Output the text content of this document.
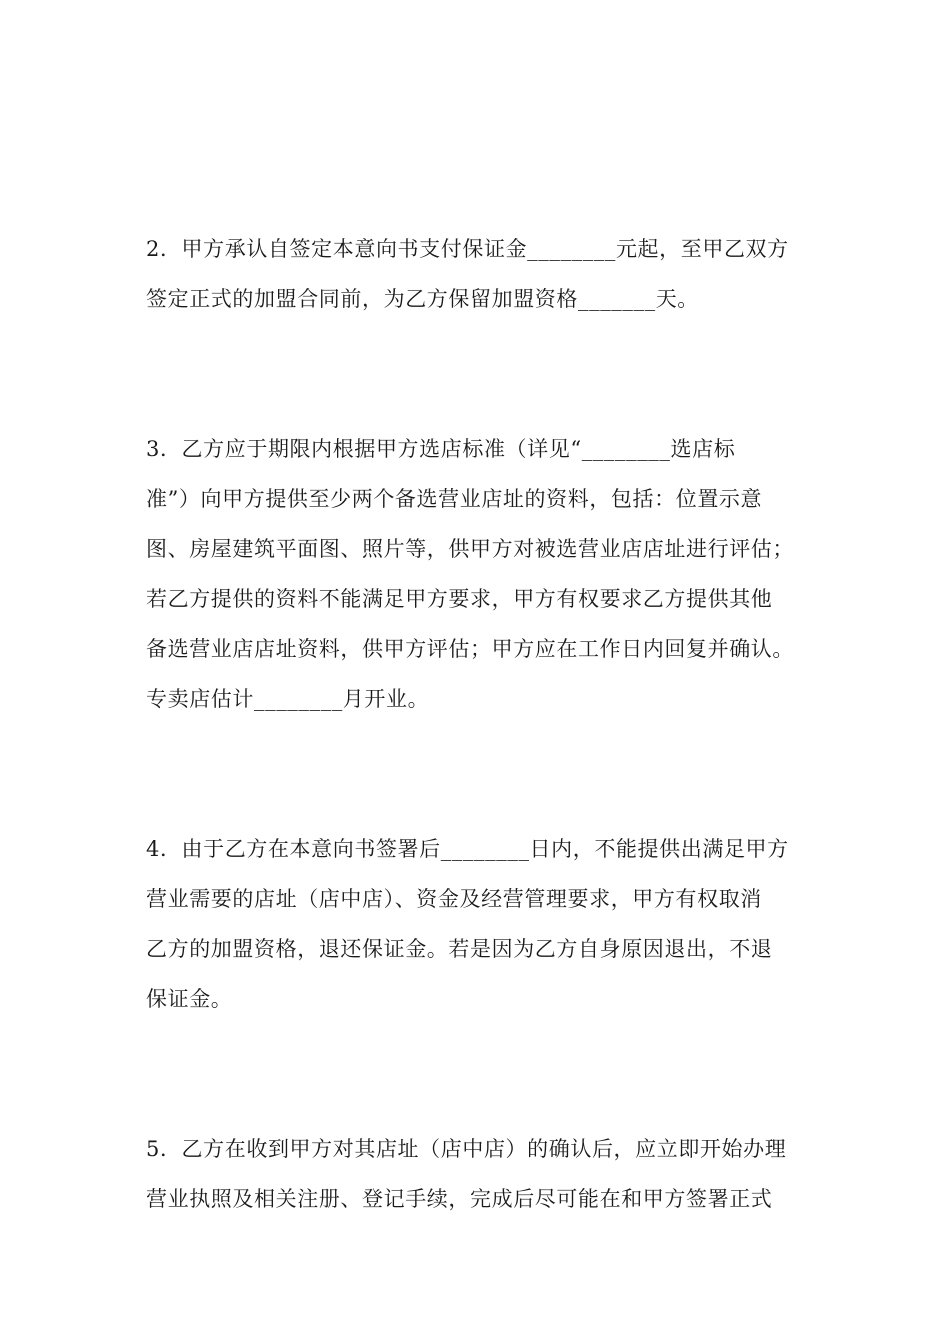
2．甲方承认自签定本意向书支付保证金________元起，至甲乙双方
签定正式的加盟合同前，为乙方保留加盟资格_______天。
3．乙方应于期限内根据甲方选店标准（详见“________选店标
准”）向甲方提供至少两个备选营业店址的资料，包括：位置示意
图、房屋建筑平面图、照片等，供甲方对被选营业店店址进行评估；
若乙方提供的资料不能满足甲方要求，甲方有权要求乙方提供其他
备选营业店店址资料，供甲方评估；甲方应在工作日内回复并确认。
专卖店估计________月开业。
4．由于乙方在本意向书签署后________日内，不能提供出满足甲方
营业需要的店址（店中店）、资金及经营管理要求，甲方有权取消
乙方的加盟资格，退还保证金。若是因为乙方自身原因退出，不退
保证金。
5．乙方在收到甲方对其店址（店中店）的确认后，应立即开始办理
营业执照及相关注册、登记手续，完成后尽可能在和甲方签署正式
